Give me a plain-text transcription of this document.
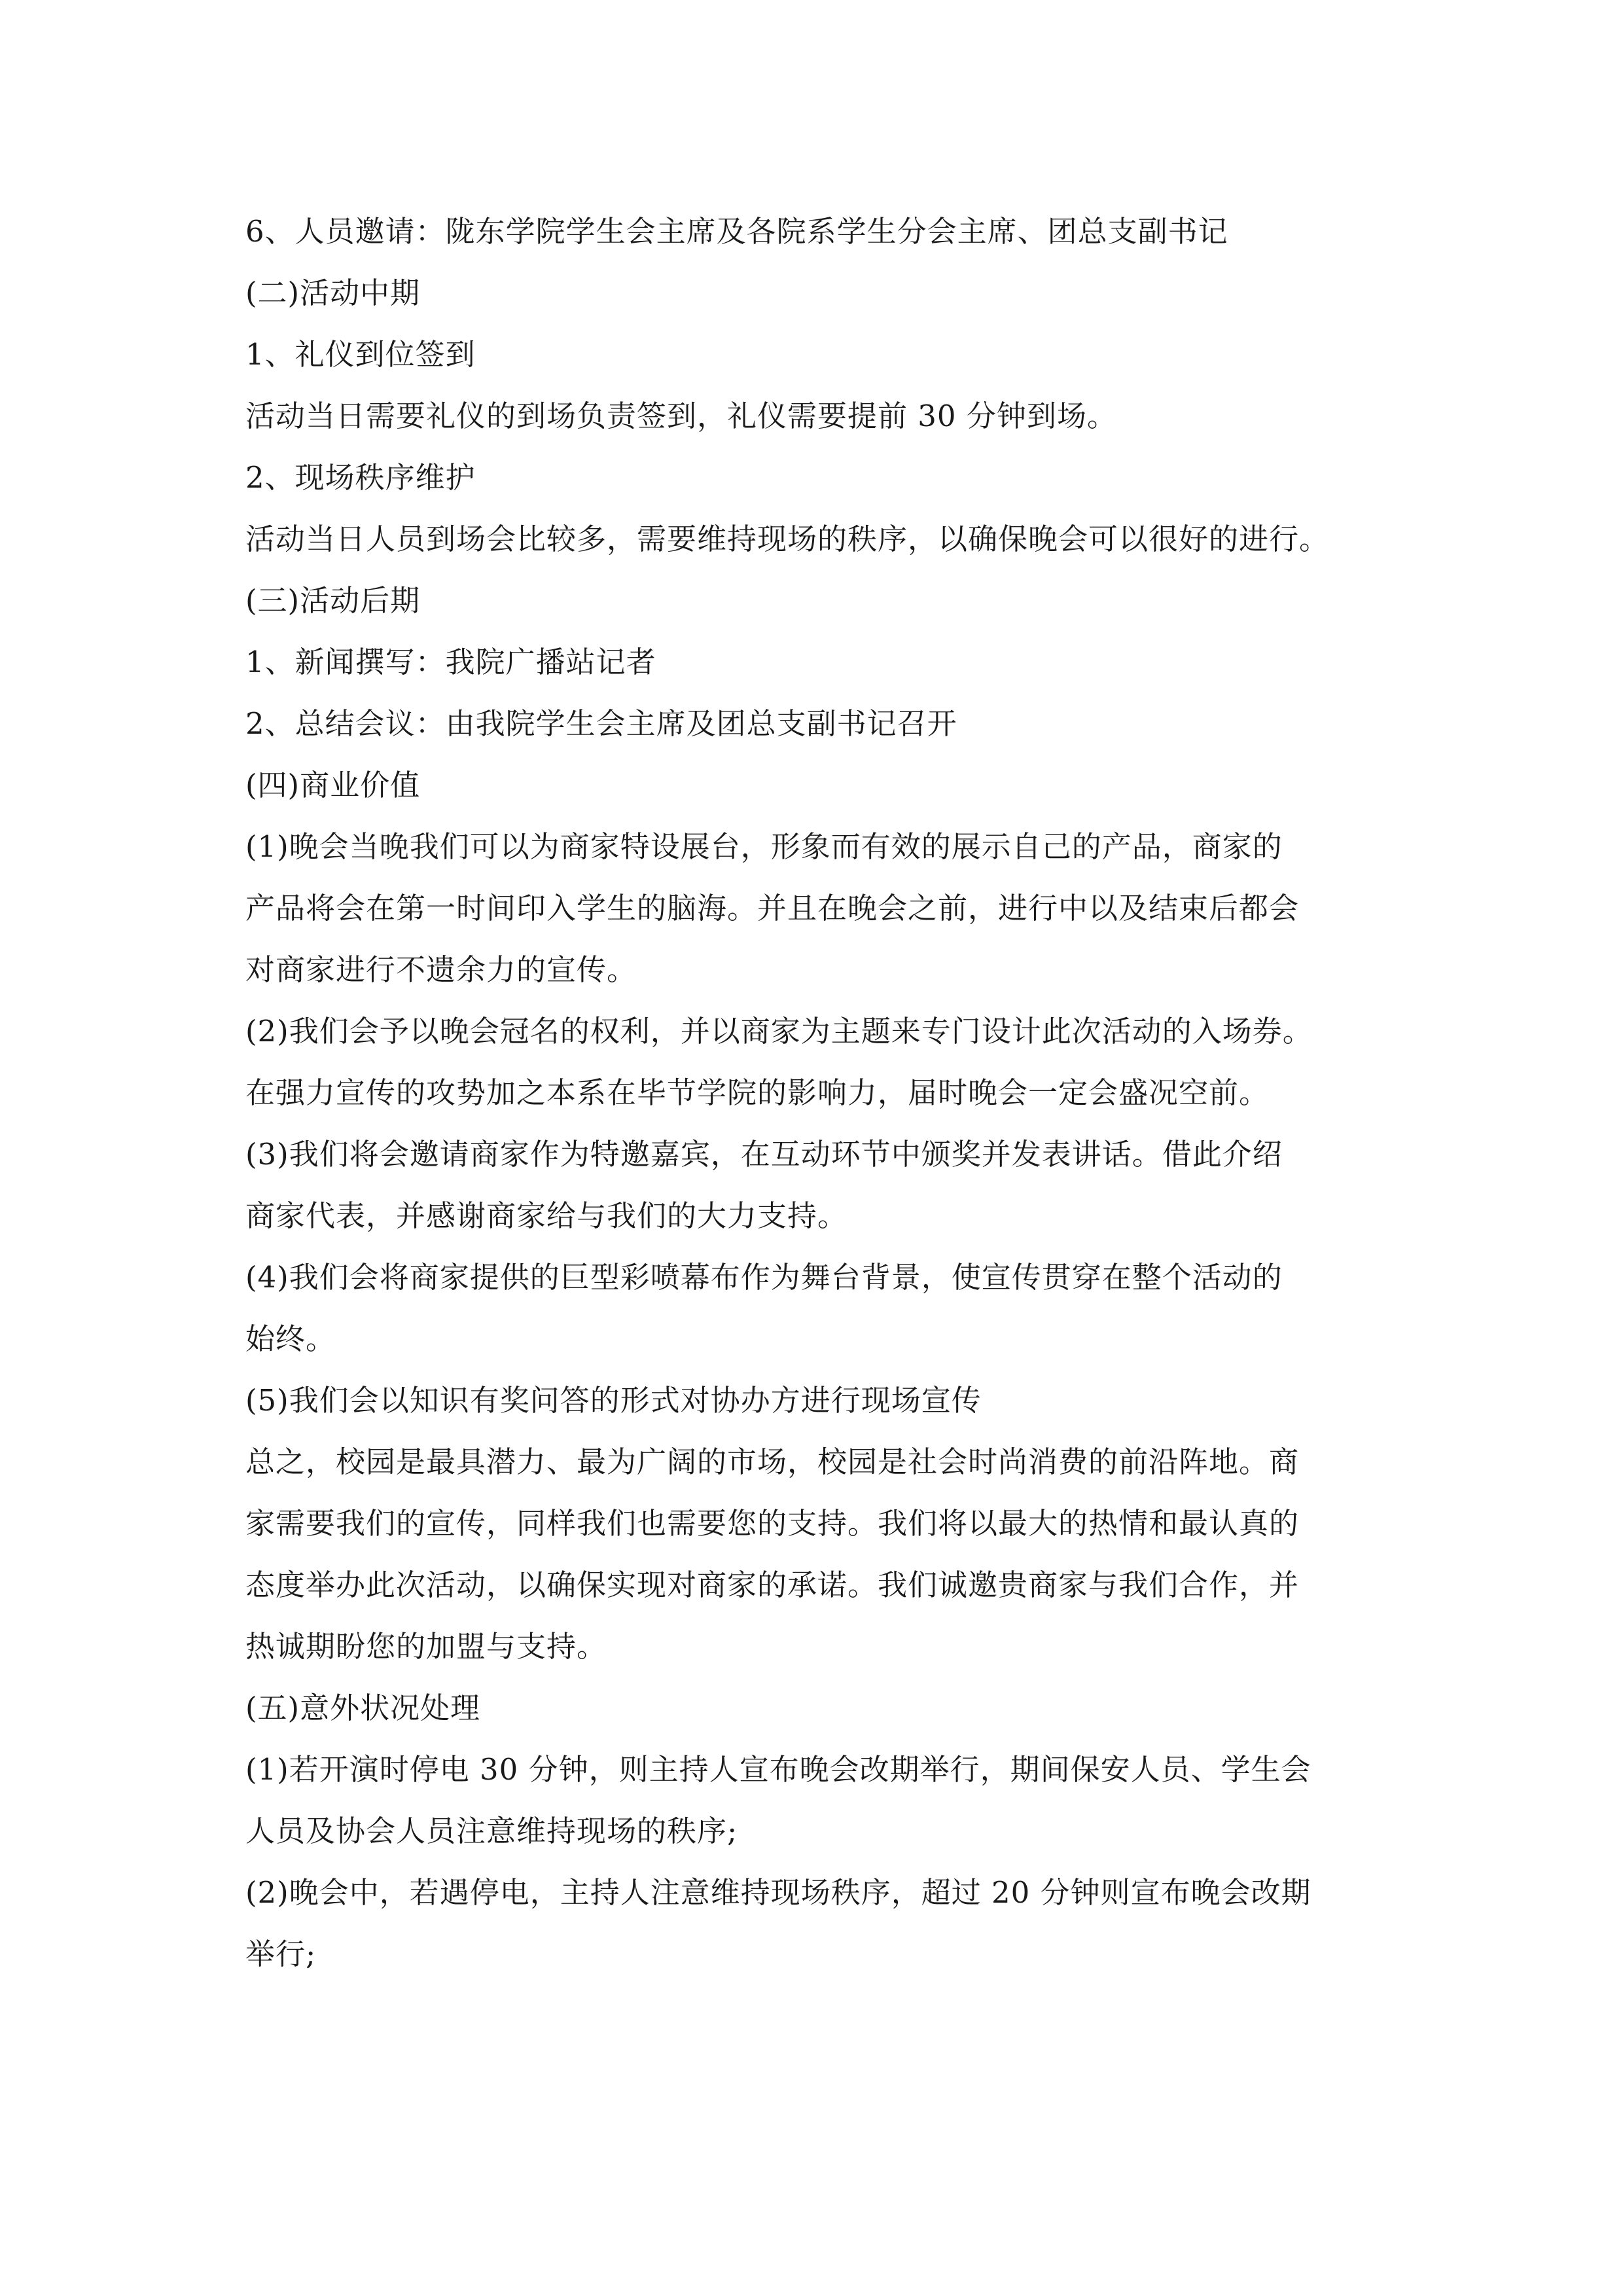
6、人员邀请：陇东学院学生会主席及各院系学生分会主席、团总支副书记
(二)活动中期
1、礼仪到位签到
活动当日需要礼仪的到场负责签到，礼仪需要提前 30 分钟到场。
2、现场秩序维护
活动当日人员到场会比较多，需要维持现场的秩序，以确保晚会可以很好的进行。
(三)活动后期
1、新闻撰写：我院广播站记者
2、总结会议：由我院学生会主席及团总支副书记召开
(四)商业价值
(1)晚会当晚我们可以为商家特设展台，形象而有效的展示自己的产品，商家的
产品将会在第一时间印入学生的脑海。并且在晚会之前，进行中以及结束后都会
对商家进行不遗余力的宣传。
(2)我们会予以晚会冠名的权利，并以商家为主题来专门设计此次活动的入场券。
在强力宣传的攻势加之本系在毕节学院的影响力，届时晚会一定会盛况空前。
(3)我们将会邀请商家作为特邀嘉宾，在互动环节中颁奖并发表讲话。借此介绍
商家代表，并感谢商家给与我们的大力支持。
(4)我们会将商家提供的巨型彩喷幕布作为舞台背景，使宣传贯穿在整个活动的
始终。
(5)我们会以知识有奖问答的形式对协办方进行现场宣传
总之，校园是最具潜力、最为广阔的市场，校园是社会时尚消费的前沿阵地。商
家需要我们的宣传，同样我们也需要您的支持。我们将以最大的热情和最认真的
态度举办此次活动，以确保实现对商家的承诺。我们诚邀贵商家与我们合作，并
热诚期盼您的加盟与支持。
(五)意外状况处理
(1)若开演时停电 30 分钟，则主持人宣布晚会改期举行，期间保安人员、学生会
人员及协会人员注意维持现场的秩序;
(2)晚会中，若遇停电，主持人注意维持现场秩序，超过 20 分钟则宣布晚会改期
举行;
